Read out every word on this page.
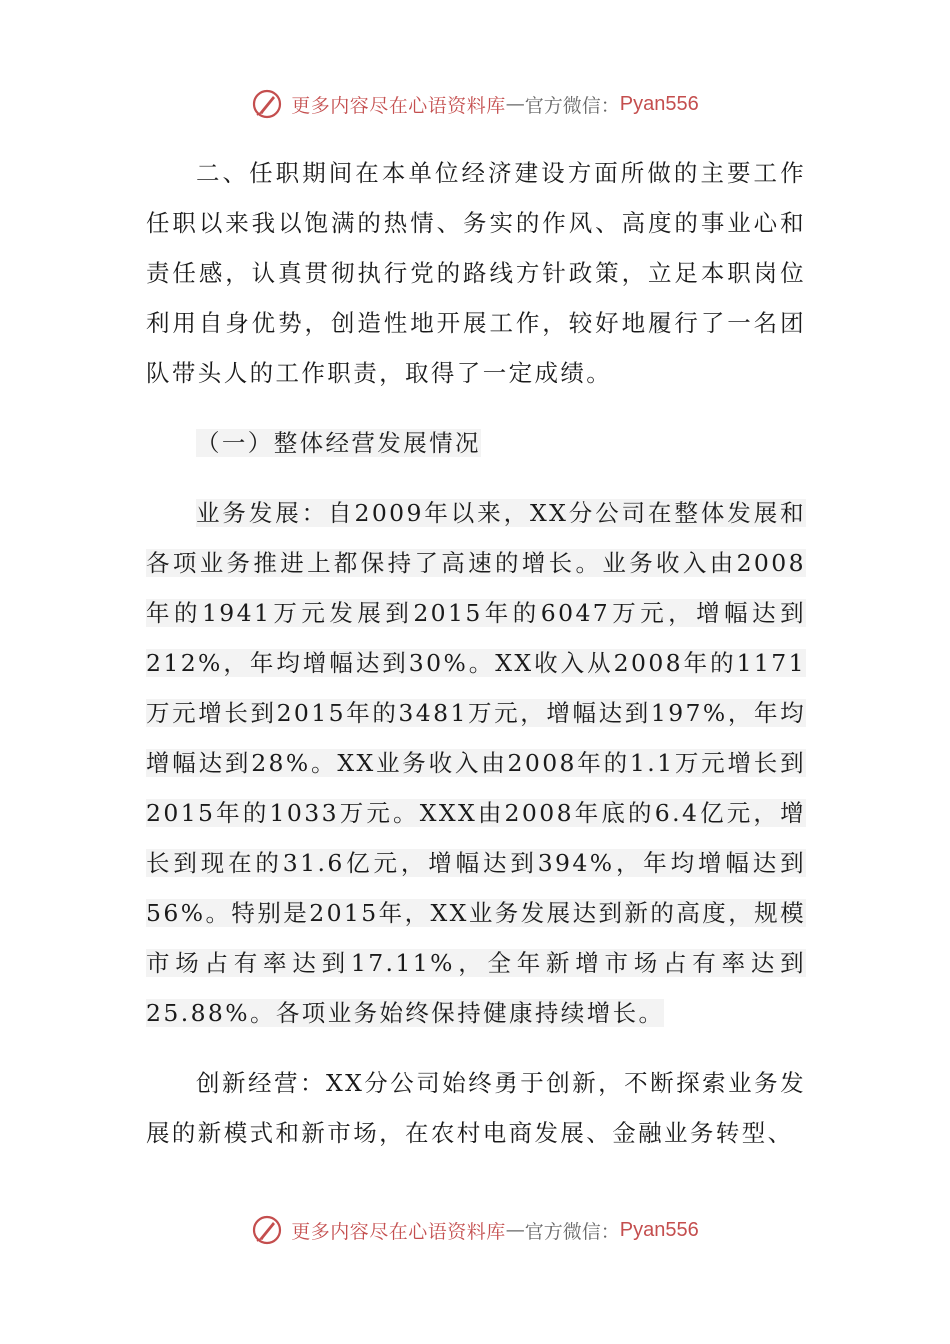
更多内容尽在心语资料库 — 官方微信： Pyan556

二、任职期间在本单位经济建设方面所做的主要工作任职以来我以饱满的热情、务实的作风、高度的事业心和责任感，认真贯彻执行党的路线方针政策，立足本职岗位利用自身优势，创造性地开展工作，较好地履行了一名团队带头人的工作职责，取得了一定成绩。

（一）整体经营发展情况

业务发展：自2009年以来，XX分公司在整体发展和各项业务推进上都保持了高速的增长。业务收入由2008年的1941万元发展到2015年的6047万元，增幅达到212%，年均增幅达到30%。XX收入从2008年的1171万元增长到2015年的3481万元，增幅达到197%，年均增幅达到28%。XX业务收入由2008年的1.1万元增长到2015年的1033万元。XXX由2008年底的6.4亿元，增长到现在的31.6亿元，增幅达到394%，年均增幅达到56%。特别是2015年，XX业务发展达到新的高度，规模市场占有率达到17.11%，全年新增市场占有率达到25.88%。各项业务始终保持健康持续增长。

创新经营：XX分公司始终勇于创新，不断探索业务发展的新模式和新市场，在农村电商发展、金融业务转型、

更多内容尽在心语资料库 — 官方微信： Pyan556
